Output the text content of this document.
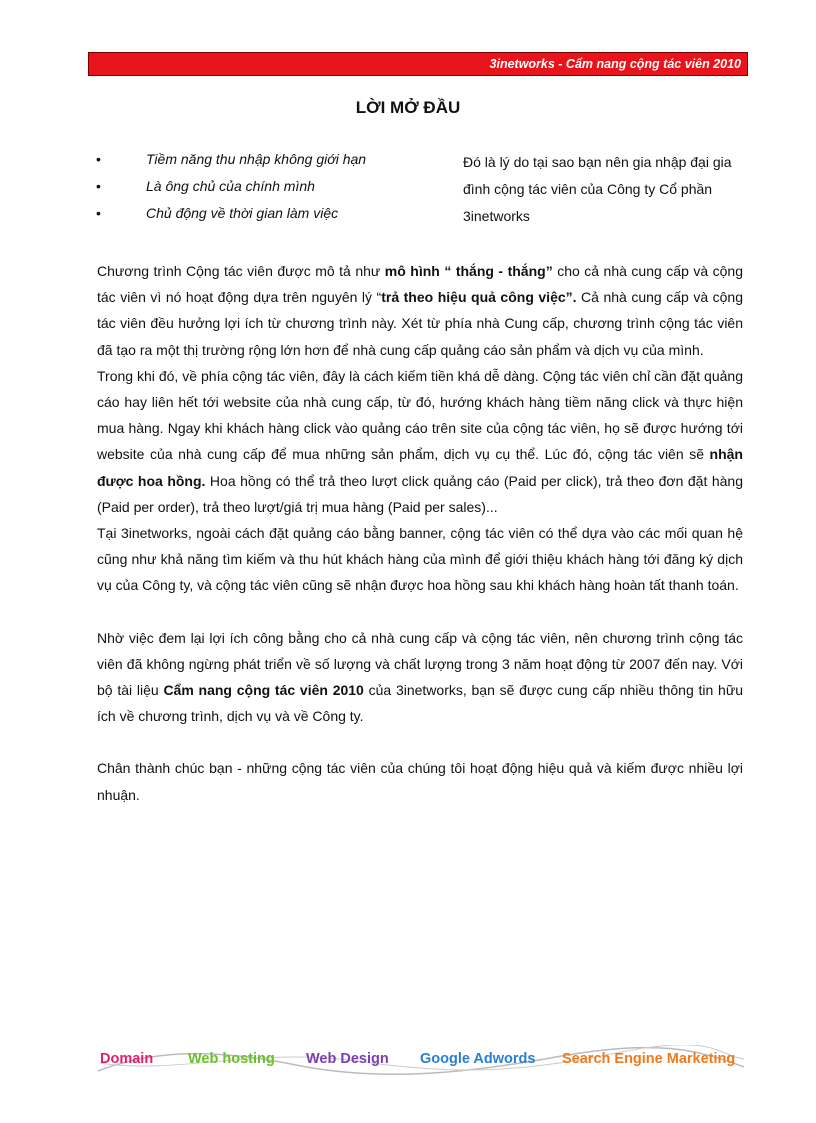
3inetworks - Cẩm nang cộng tác viên 2010
LỜI MỞ ĐẦU
•	Tiềm năng thu nhập không giới hạn
•	Là ông chủ của chính mình
•	Chủ động về thời gian làm việc
Đó là lý do tại sao bạn nên gia nhập đại gia đình cộng tác viên của Công ty Cổ phần 3inetworks

Chương trình Cộng tác viên được mô tả như mô hình “ thắng - thắng” cho cả nhà cung cấp và cộng tác viên vì nó hoạt động dựa trên nguyên lý “trả theo hiệu quả công việc”. Cả nhà cung cấp và cộng tác viên đều hưởng lợi ích từ chương trình này. Xét từ phía nhà Cung cấp, chương trình cộng tác viên đã tạo ra một thị trường rộng lớn hơn để nhà cung cấp quảng cáo sản phẩm và dịch vụ của mình.

Trong khi đó, về phía cộng tác viên, đây là cách kiếm tiền khá dễ dàng. Cộng tác viên chỉ cần đặt quảng cáo hay liên hết tới website của nhà cung cấp, từ đó, hướng khách hàng tiềm năng click và thực hiện mua hàng. Ngay khi khách hàng click vào quảng cáo trên site của cộng tác viên, họ sẽ được hướng tới website của nhà cung cấp để mua những sản phẩm, dịch vụ cụ thể. Lúc đó, cộng tác viên sẽ nhận được hoa hồng. Hoa hồng có thể trả theo lượt click quảng cáo (Paid per click), trả theo đơn đặt hàng (Paid per order), trả theo lượt/giá trị mua hàng (Paid per sales)...

Tại 3inetworks, ngoài cách đặt quảng cáo bằng banner, cộng tác viên có thể dựa vào các mối quan hệ cũng như khả năng tìm kiếm và thu hút khách hàng của mình để giới thiệu khách hàng tới đăng ký dịch vụ của Công ty, và cộng tác viên cũng sẽ nhận được hoa hồng sau khi khách hàng hoàn tất thanh toán.

Nhờ việc đem lại lợi ích công bằng cho cả nhà cung cấp và cộng tác viên, nên chương trình cộng tác viên đã không ngừng phát triển về số lượng và chất lượng trong 3 năm hoạt động từ 2007 đến nay. Với bộ tài liệu Cẩm nang cộng tác viên 2010 của 3inetworks, bạn sẽ được cung cấp nhiều thông tin hữu ích về chương trình, dịch vụ và về Công ty.

Chân thành chúc bạn - những cộng tác viên của chúng tôi hoạt động hiệu quả và kiếm được nhiều lợi nhuận.

Domain Web hosting Web Design Google Adwords Search Engine Marketing
